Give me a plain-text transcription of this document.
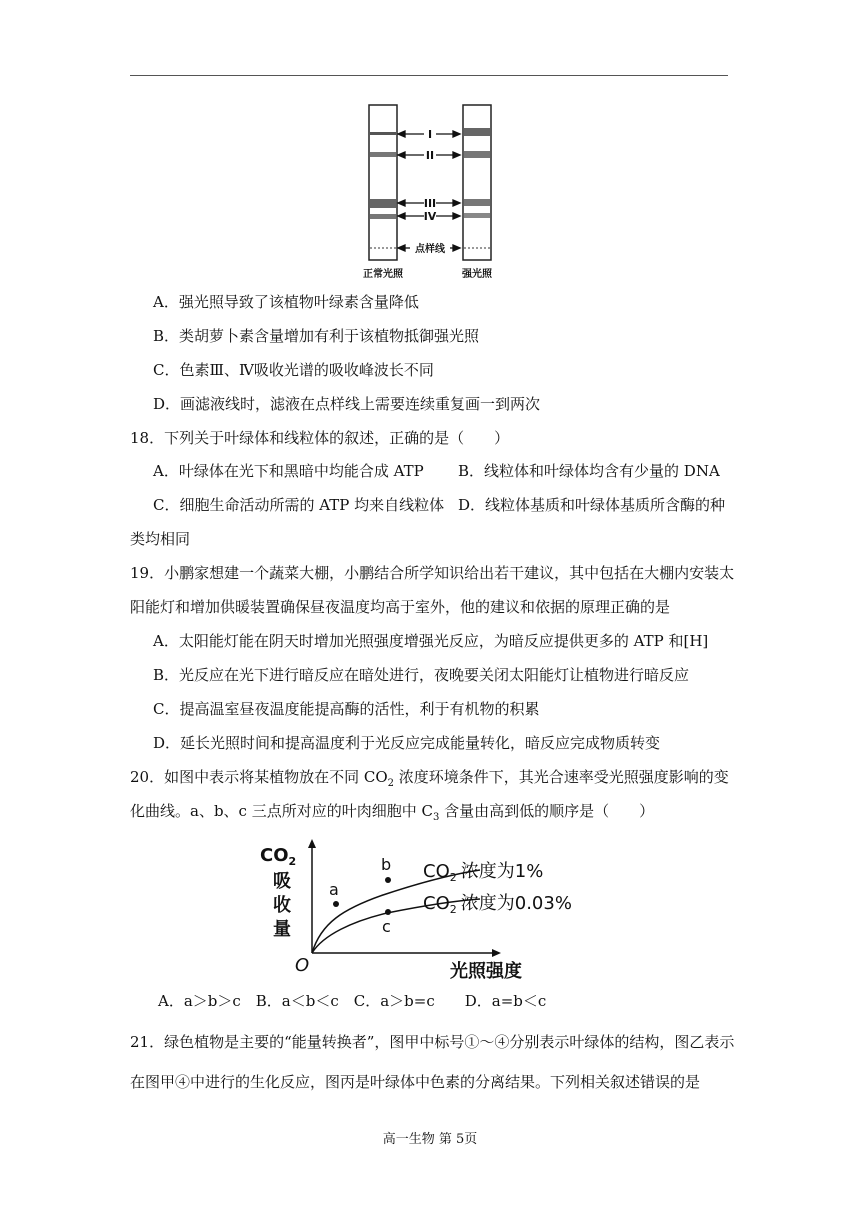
I
II
III
IV
点样线
正常光照	强光照
A．强光照导致了该植物叶绿素含量降低
B．类胡萝卜素含量增加有利于该植物抵御强光照
C．色素Ⅲ、Ⅳ吸收光谱的吸收峰波长不同
D．画滤液线时，滤液在点样线上需要连续重复画一到两次
18．下列关于叶绿体和线粒体的叙述，正确的是（　　）
A．叶绿体在光下和黑暗中均能合成 ATP B．线粒体和叶绿体均含有少量的 DNA
C．细胞生命活动所需的 ATP 均来自线粒体 D．线粒体基质和叶绿体基质所含酶的种
类均相同
19．小鹏家想建一个蔬菜大棚，小鹏结合所学知识给出若干建议，其中包括在大棚内安装太
阳能灯和增加供暖装置确保昼夜温度均高于室外，他的建议和依据的原理正确的是
A．太阳能灯能在阴天时增加光照强度增强光反应，为暗反应提供更多的 ATP 和[H]
B．光反应在光下进行暗反应在暗处进行，夜晚要关闭太阳能灯让植物进行暗反应
C．提高温室昼夜温度能提高酶的活性，利于有机物的积累
D．延长光照时间和提高温度利于光反应完成能量转化，暗反应完成物质转变
20．如图中表示将某植物放在不同 $CO_2$ 浓度环境条件下，其光合速率受光照强度影响的变
化曲线。a、b、c 三点所对应的叶肉细胞中 $C_3$ 含量由高到低的顺序是（　　）
$CO_2$
吸
收
量
O	光照强度
a
b
c
$CO_2$ 浓度为1%
$CO_2$ 浓度为0.03%
A．a＞b＞c　B．a＜b＜c　C．a＞b=c　　D．a=b＜c
21．绿色植物是主要的“能量转换者”，图甲中标号①～④分别表示叶绿体的结构，图乙表示
在图甲④中进行的生化反应，图丙是叶绿体中色素的分离结果。下列相关叙述错误的是
高一生物 第 5页
